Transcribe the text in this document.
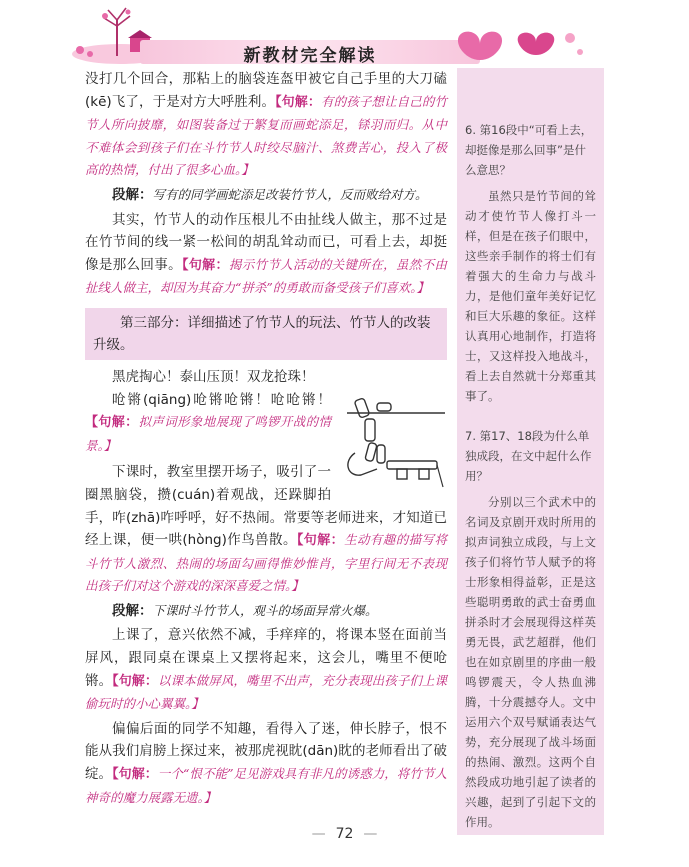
新教材完全解读

没打几个回合，那粘上的脑袋连盔甲被它自己手里的大刀磕(kē)飞了，于是对方大呼胜利。【句解：有的孩子想让自己的竹节人所向披靡，如图装备过于繁复而画蛇添足，铩羽而归。从中不难体会到孩子们在斗竹节人时绞尽脑汁、煞费苦心，投入了极高的热情，付出了很多心血。】

段解：写有的同学画蛇添足改装竹节人，反而败给对方。

其实，竹节人的动作压根儿不由扯线人做主，那不过是在竹节间的线一紧一松间的胡乱耸动而已，可看上去，却挺像是那么回事。【句解：揭示竹节人活动的关键所在，虽然不由扯线人做主，却因为其奋力“拼杀”的勇敢而备受孩子们喜欢。】

第三部分：详细描述了竹节人的玩法、竹节人的改装升级。

黑虎掏心！泰山压顶！双龙抢珠！

呛锵(qiāng)呛锵呛锵！呛呛锵！【句解：拟声词形象地展现了鸣锣开战的情景。】

下课时，教室里摆开场子，吸引了一圈黑脑袋，攒(cuán)着观战，还跺脚拍手，咋(zhā)咋呼呼，好不热闹。常要等老师进来，才知道已经上课，便一哄(hòng)作鸟兽散。【句解：生动有趣的描写将斗竹节人激烈、热闹的场面勾画得惟妙惟肖，字里行间无不表现出孩子们对这个游戏的深深喜爱之情。】

段解：下课时斗竹节人，观斗的场面异常火爆。

上课了，意兴依然不减，手痒痒的，将课本竖在面前当屏风，跟同桌在课桌上又摆将起来，这会儿，嘴里不便呛锵。【句解：以课本做屏风，嘴里不出声，充分表现出孩子们上课偷玩时的小心翼翼。】

偏偏后面的同学不知趣，看得入了迷，伸长脖子，恨不能从我们肩膀上探过来，被那虎视眈(dān)眈的老师看出了破绽。【句解：一个“恨不能”足见游戏具有非凡的诱惑力，将竹节人神奇的魔力展露无遗。】

6. 第16段中“可看上去，却挺像是那么回事”是什么意思？

虽然只是竹节间的耸动才使竹节人像打斗一样，但是在孩子们眼中，这些亲手制作的将士们有着强大的生命力与战斗力，是他们童年美好记忆和巨大乐趣的象征。这样认真用心地制作，打造将士，又这样投入地战斗，看上去自然就十分郑重其事了。

7. 第17、18段为什么单独成段，在文中起什么作用？

分别以三个武术中的名词及京剧开戏时所用的拟声词独立成段，与上文孩子们将竹节人赋予的将士形象相得益彰，正是这些聪明勇敢的武士奋勇血拼杀时才会展现得这样英勇无畏，武艺超群，他们也在如京剧里的序曲一般鸣锣震天，令人热血沸腾，十分震撼夺人。文中运用六个双号赋诵表达气势，充分展现了战斗场面的热闹、激烈。这两个自然段成功地引起了读者的兴趣，起到了引起下文的作用。

— 72 —
